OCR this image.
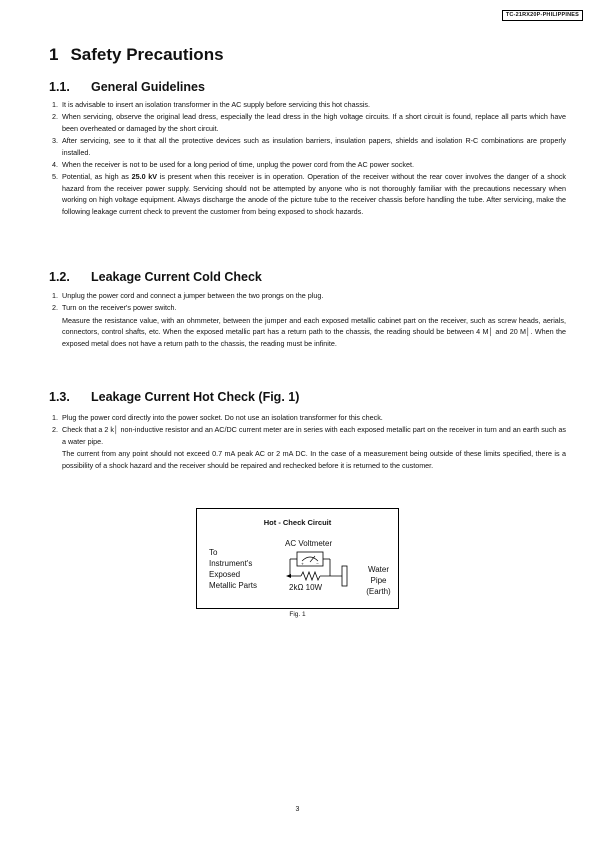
TC-21RX20P-PHILIPPINES
1 Safety Precautions
1.1. General Guidelines
1. It is advisable to insert an isolation transformer in the AC supply before servicing this hot chassis.
2. When servicing, observe the original lead dress, especially the lead dress in the high voltage circuits. If a short circuit is found, replace all parts which have been overheated or damaged by the short circuit.
3. After servicing, see to it that all the protective devices such as insulation barriers, insulation papers, shields and isolation R-C combinations are properly installed.
4. When the receiver is not to be used for a long period of time, unplug the power cord from the AC power socket.
5. Potential, as high as 25.0 kV is present when this receiver is in operation. Operation of the receiver without the rear cover involves the danger of a shock hazard from the receiver power supply. Servicing should not be attempted by anyone who is not thoroughly familiar with the precautions necessary when working on high voltage equipment. Always discharge the anode of the picture tube to the receiver chassis before handling the tube. After servicing, make the following leakage current check to prevent the customer from being exposed to shock hazards.
1.2. Leakage Current Cold Check
1. Unplug the power cord and connect a jumper between the two prongs on the plug.
2. Turn on the receiver's power switch.
Measure the resistance value, with an ohmmeter, between the jumper and each exposed metallic cabinet part on the receiver, such as screw heads, aerials, connectors, control shafts, etc. When the exposed metallic part has a return path to the chassis, the reading should be between 4 M│ and 20 M│. When the exposed metal does not have a return path to the chassis, the reading must be infinite.
1.3. Leakage Current Hot Check (Fig. 1)
1. Plug the power cord directly into the power socket. Do not use an isolation transformer for this check.
2. Check that a 2 k│ non-inductive resistor and an AC/DC current meter are in series with each exposed metallic part on the receiver in turn and an earth such as a water pipe.
The current from any point should not exceed 0.7 mA peak AC or 2 mA DC. In the case of a measurement being outside of these limits specified, there is a possibility of a shock hazard and the receiver should be repaired and rechecked before it is returned to the customer.
+	−
Hot - Check Circuit
AC Voltmeter
To
Instrument's
Exposed
Metallic Parts
Water Pipe
(Earth)
2kΩ 10W
Fig. 1
3
